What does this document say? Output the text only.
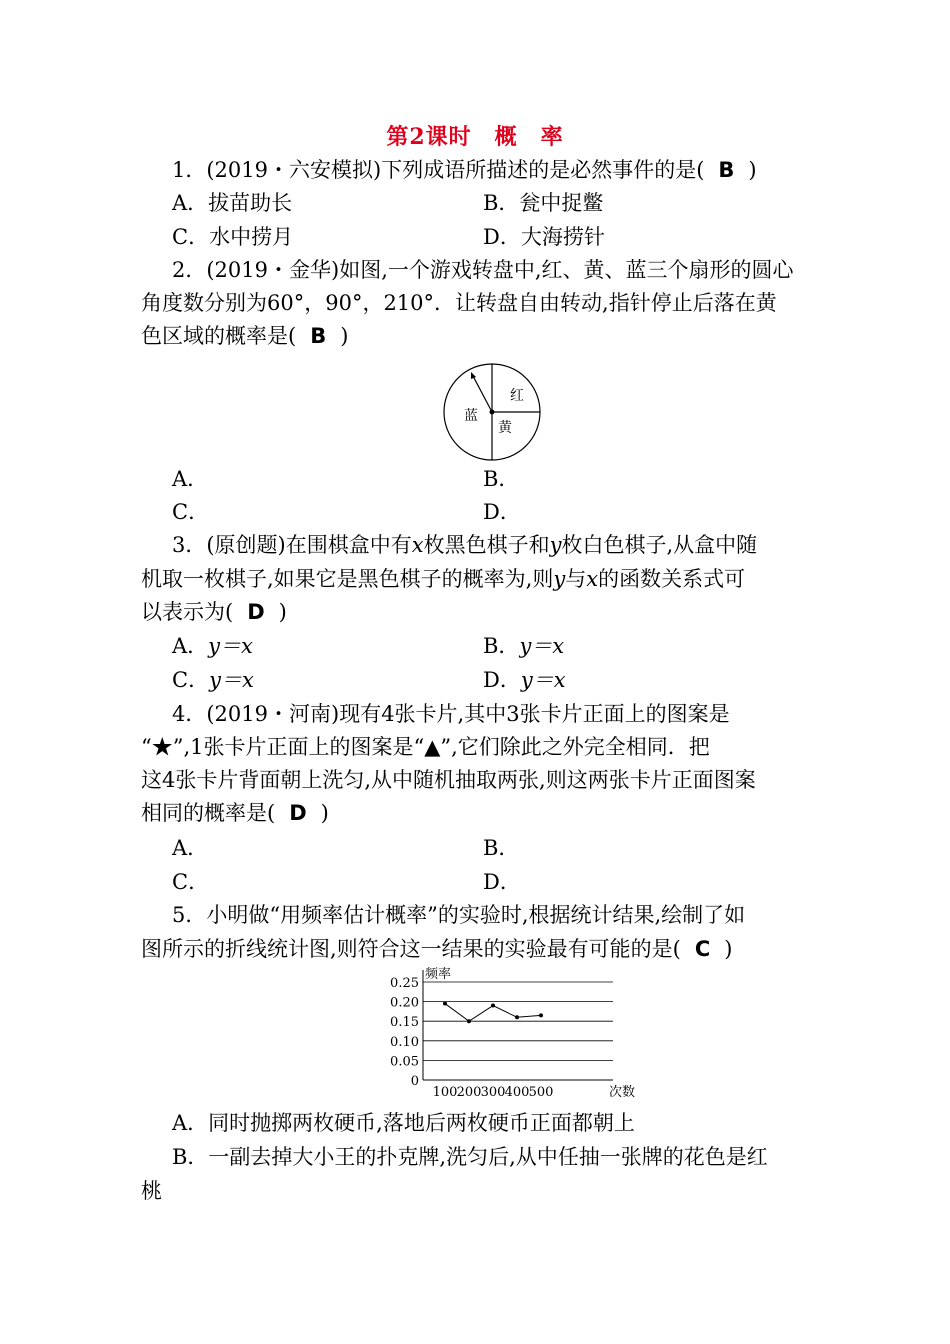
第2课时　概　率
1．(2019・六安模拟)下列成语所描述的是必然事件的是( B )
A．拔苗助长	B．瓮中捉鳖
C．水中捞月	D．大海捞针
2．(2019・金华)如图,一个游戏转盘中,红、黄、蓝三个扇形的圆心
角度数分别为60°，90°，210°．让转盘自由转动,指针停止后落在黄
色区域的概率是( B )
红
黄
蓝
A．	B．
C．	D．
3．(原创题)在围棋盒中有x枚黑色棋子和y枚白色棋子,从盒中随
机取一枚棋子,如果它是黑色棋子的概率为,则y与x的函数关系式可
以表示为( D )
A．y＝x	B．y＝x
C．y＝x	D．y＝x
4．(2019・河南)现有4张卡片,其中3张卡片正面上的图案是
“★”,1张卡片正面上的图案是“▲”,它们除此之外完全相同．把
这4张卡片背面朝上洗匀,从中随机抽取两张,则这两张卡片正面图案
相同的概率是( D )
A．	B．
C．	D．
5．小明做“用频率估计概率”的实验时,根据统计结果,绘制了如
图所示的折线统计图,则符合这一结果的实验最有可能的是( C )
0
0.05
0.10
0.15
0.20
0.25
频率
次数
100 200 300 400 500
A．同时抛掷两枚硬币,落地后两枚硬币正面都朝上
B．一副去掉大小王的扑克牌,洗匀后,从中任抽一张牌的花色是红
桃
